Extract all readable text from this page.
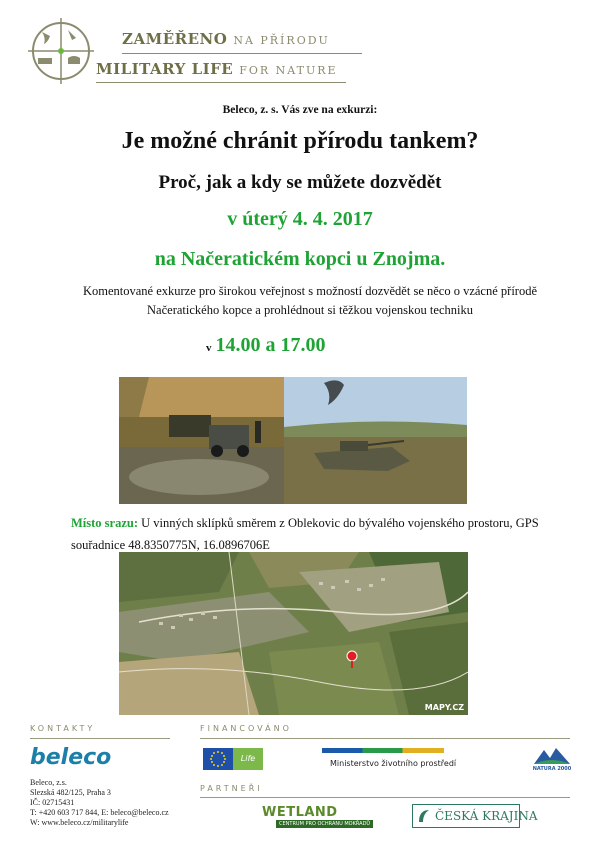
ZAMĚŘENO NA PŘÍRODU
MILITARY LIFE FOR NATURE
Beleco, z. s. Vás zve na exkurzi:
Je možné chránit přírodu tankem?
Proč, jak a kdy se můžete dozvědět
v úterý 4. 4. 2017
na Načeratickém kopci u Znojma.
Komentované exkurze pro širokou veřejnost s možností dozvědět se něco o vzácné přírodě Načeratického kopce a prohlédnout si těžkou vojenskou techniku
v 14.00 a 17.00
Místo srazu: U vinných sklípků směrem z Oblekovic do bývalého vojenského prostoru, GPS souřadnice 48.8350775N, 16.0896706E
MAPY.CZ
KONTAKTY	FINANCOVÁNO
beleco
Beleco, z.s.
Slezská 482/125, Praha 3
IČ: 02715431
T: +420 603 717 844, E: beleco@beleco.cz
W: www.beleco.cz/militarylife
Life
Ministerstvo životního prostředí
NATURA 2000
PARTNEŘI
WETLAND
CENTRUM PRO OCHRANU MOKŘADŮ
ČESKÁ KRAJINA
